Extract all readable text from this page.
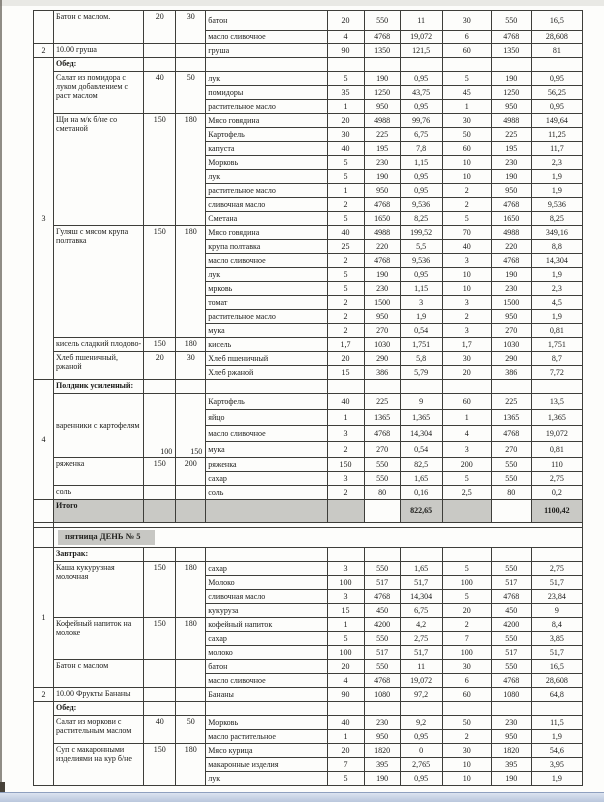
	Батон с маслом.	20	30	батон	20	550	11	30	550	16,5
				масло сливочное	4	4768	19,072	6	4768	28,608
2	10.00 груша			груша	90	1350	121,5	60	1350	81
3	Обед:									
	Салат из помидора с луком добавлением с раст маслом	40	50	лук	5	190	0,95	5	190	0,95
				помидоры	35	1250	43,75	45	1250	56,25
				растительное масло	1	950	0,95	1	950	0,95
	Щи на м/к б/не со сметаной	150	180	Мясо говядина	20	4988	99,76	30	4988	149,64
				Картофель	30	225	6,75	50	225	11,25
				капуста	40	195	7,8	60	195	11,7
				Морковь	5	230	1,15	10	230	2,3
				лук	5	190	0,95	10	190	1,9
				растительное масло	1	950	0,95	2	950	1,9
				сливочная масло	2	4768	9,536	2	4768	9,536
				Сметана	5	1650	8,25	5	1650	8,25
	Гуляш с мясом крупа полтавка	150	180	Мясо говядина	40	4988	199,52	70	4988	349,16
				крупа полтавка	25	220	5,5	40	220	8,8
				масло сливочное	2	4768	9,536	3	4768	14,304
				лук	5	190	0,95	10	190	1,9
				мрковь	5	230	1,15	10	230	2,3
				томат	2	1500	3	3	1500	4,5
				растительное масло	2	950	1,9	2	950	1,9
				мука	2	270	0,54	3	270	0,81
	кисель сладкий плодово-	150	180	кисель	1,7	1030	1,751	1,7	1030	1,751
	Хлеб пшеничный, ржаной	20	30	Хлеб пшеничный	20	290	5,8	30	290	8,7
				Хлеб ржаной	15	386	5,79	20	386	7,72
4	Полдник усиленный:									
	варенники с картофелям	100	150	Картофель	40	225	9	60	225	13,5
				яйцо	1	1365	1,365	1	1365	1,365
				масло сливочное	3	4768	14,304	4	4768	19,072
				мука	2	270	0,54	3	270	0,81
	ряженка	150	200	ряженка	150	550	82,5	200	550	110
				сахар	3	550	1,65	5	550	2,75
	соль			соль	2	80	0,16	2,5	80	0,2
	Итого						822,65			1100,42

	пятница ДЕНЬ № 5									
1	Завтрак:									
	Каша кукурузная молочная	150	180	сахар	3	550	1,65	5	550	2,75
				Молоко	100	517	51,7	100	517	51,7
				сливочная масло	3	4768	14,304	5	4768	23,84
				кукуруза	15	450	6,75	20	450	9
	Кофейный напиток на молоке	150	180	кофейный напиток	1	4200	4,2	2	4200	8,4
				сахар	5	550	2,75	7	550	3,85
				молоко	100	517	51,7	100	517	51,7
	Батон с маслом			батон	20	550	11	30	550	16,5
				масло сливочное	4	4768	19,072	6	4768	28,608
2	10.00 Фрукты Бананы			Бананы	90	1080	97,2	60	1080	64,8
	Обед:									
	Салат из моркови с растительным маслом	40	50	Морковь	40	230	9,2	50	230	11,5
				масло растительное	1	950	0,95	2	950	1,9
	Суп с макаронными изделиями на кур б/не	150	180	Мясо курица	20	1820	0	30	1820	54,6
				макаронные изделия	7	395	2,765	10	395	3,95
				лук	5	190	0,95	10	190	1,9
